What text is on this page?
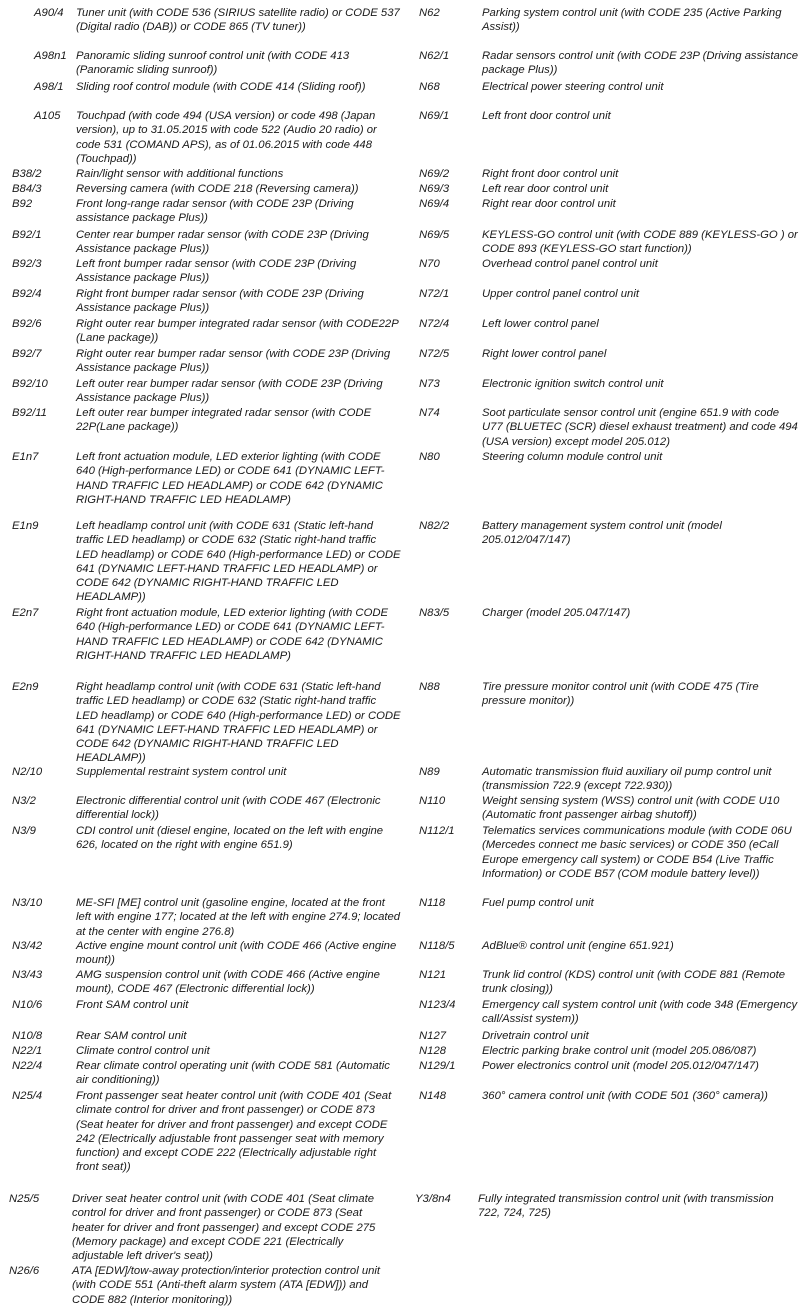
A90/4 Tuner unit (with CODE 536 (SIRIUS satellite radio) or CODE 537 (Digital radio (DAB)) or CODE 865 (TV tuner))
A98n1 Panoramic sliding sunroof control unit (with CODE 413 (Panoramic sliding sunroof))
A98/1 Sliding roof control module (with CODE 414 (Sliding roof))
A105 Touchpad (with code 494 (USA version) or code 498 (Japan version), up to 31.05.2015 with code 522 (Audio 20 radio) or code 531 (COMAND APS), as of 01.06.2015 with code 448 (Touchpad))
B38/2	Rain/light sensor with additional functions
B84/3	Reversing camera (with CODE 218 (Reversing camera))
B92	Front long-range radar sensor (with CODE 23P (Driving assistance package Plus))
B92/1	Center rear bumper radar sensor (with CODE 23P (Driving Assistance package Plus))
B92/3	Left front bumper radar sensor (with CODE 23P (Driving Assistance package Plus))
B92/4	Right front bumper radar sensor (with CODE 23P (Driving Assistance package Plus))
B92/6	Right outer rear bumper integrated radar sensor (with CODE22P (Lane package))
B92/7	Right outer rear bumper radar sensor (with CODE 23P (Driving Assistance package Plus))
B92/10 Left outer rear bumper radar sensor (with CODE 23P (Driving Assistance package Plus))
B92/11	Left outer rear bumper integrated radar sensor (with CODE 22P(Lane package))
E1n7	Left front actuation module, LED exterior lighting (with CODE 640 (High-performance LED) or CODE 641 (DYNAMIC LEFT-HAND TRAFFIC LED HEADLAMP) or CODE 642 (DYNAMIC RIGHT-HAND TRAFFIC LED HEADLAMP)
E1n9	Left headlamp control unit (with CODE 631 (Static left-hand traffic LED headlamp) or CODE 632 (Static right-hand traffic LED headlamp) or CODE 640 (High-performance LED) or CODE 641 (DYNAMIC LEFT-HAND TRAFFIC LED HEADLAMP) or CODE 642 (DYNAMIC RIGHT-HAND TRAFFIC LED HEADLAMP))
E2n7	Right front actuation module, LED exterior lighting (with CODE 640 (High-performance LED) or CODE 641 (DYNAMIC LEFT-HAND TRAFFIC LED HEADLAMP) or CODE 642 (DYNAMIC RIGHT-HAND TRAFFIC LED HEADLAMP)
E2n9	Right headlamp control unit (with CODE 631 (Static left-hand traffic LED headlamp) or CODE 632 (Static right-hand traffic LED headlamp) or CODE 640 (High-performance LED) or CODE 641 (DYNAMIC LEFT-HAND TRAFFIC LED HEADLAMP) or CODE 642 (DYNAMIC RIGHT-HAND TRAFFIC LED HEADLAMP))
N2/10	Supplemental restraint system control unit
N3/2	Electronic differential control unit (with CODE 467 (Electronic differential lock))
N3/9	CDI control unit (diesel engine, located on the left with engine 626, located on the right with engine 651.9)
N3/10	ME-SFI [ME] control unit (gasoline engine, located at the front left with engine 177; located at the left with engine 274.9; located at the center with engine 276.8)
N3/42	Active engine mount control unit (with CODE 466 (Active engine mount))
N3/43	AMG suspension control unit (with CODE 466 (Active engine mount), CODE 467 (Electronic differential lock))
N10/6	Front SAM control unit
N10/8	Rear SAM control unit
N22/1	Climate control control unit
N22/4	Rear climate control operating unit (with CODE 581 (Automatic air conditioning))
N25/4	Front passenger seat heater control unit (with CODE 401 (Seat climate control for driver and front passenger) or CODE 873 (Seat heater for driver and front passenger) and except CODE 242 (Electrically adjustable front passenger seat with memory function) and except CODE 222 (Electrically adjustable right front seat))
N25/5	Driver seat heater control unit (with CODE 401 (Seat climate control for driver and front passenger) or CODE 873 (Seat heater for driver and front passenger) and except CODE 275 (Memory package) and except CODE 221 (Electrically adjustable left driver's seat))
N26/6	ATA [EDW]/tow-away protection/interior protection control unit (with CODE 551 (Anti-theft alarm system (ATA [EDW])) and CODE 882 (Interior monitoring))
N62	Parking system control unit (with CODE 235 (Active Parking Assist))
N62/1	Radar sensors control unit (with CODE 23P (Driving assistance package Plus))
N68	Electrical power steering control unit
N69/1	Left front door control unit
N69/2	Right front door control unit
N69/3	Left rear door control unit
N69/4	Right rear door control unit
N69/5	KEYLESS-GO control unit (with CODE 889 (KEYLESS-GO ) or CODE 893 (KEYLESS-GO start function))
N70	Overhead control panel control unit
N72/1	Upper control panel control unit
N72/4	Left lower control panel
N72/5	Right lower control panel
N73	Electronic ignition switch control unit
N74	Soot particulate sensor control unit (engine 651.9 with code U77 (BLUETEC (SCR) diesel exhaust treatment) and code 494 (USA version) except model 205.012)
N80	Steering column module control unit
N82/2	Battery management system control unit (model 205.012/047/147)
N83/5	Charger (model 205.047/147)
N88	Tire pressure monitor control unit (with CODE 475 (Tire pressure monitor))
N89	Automatic transmission fluid auxiliary oil pump control unit (transmission 722.9 (except 722.930))
N110	Weight sensing system (WSS) control unit (with CODE U10 (Automatic front passenger airbag shutoff))
N112/1 Telematics services communications module (with CODE 06U (Mercedes connect me basic services) or CODE 350 (eCall Europe emergency call system) or CODE B54 (Live Traffic Information) or CODE B57 (COM module battery level))
N118	Fuel pump control unit
N118/5 AdBlue® control unit (engine 651.921)
N121	Trunk lid control (KDS) control unit (with CODE 881 (Remote trunk closing))
N123/4 Emergency call system control unit (with code 348 (Emergency call/Assist system))
N127	Drivetrain control unit
N128	Electric parking brake control unit (model 205.086/087)
N129/1 Power electronics control unit (model 205.012/047/147)
N148	360° camera control unit (with CODE 501 (360° camera))
Y3/8n4 Fully integrated transmission control unit (with transmission 722, 724, 725)
